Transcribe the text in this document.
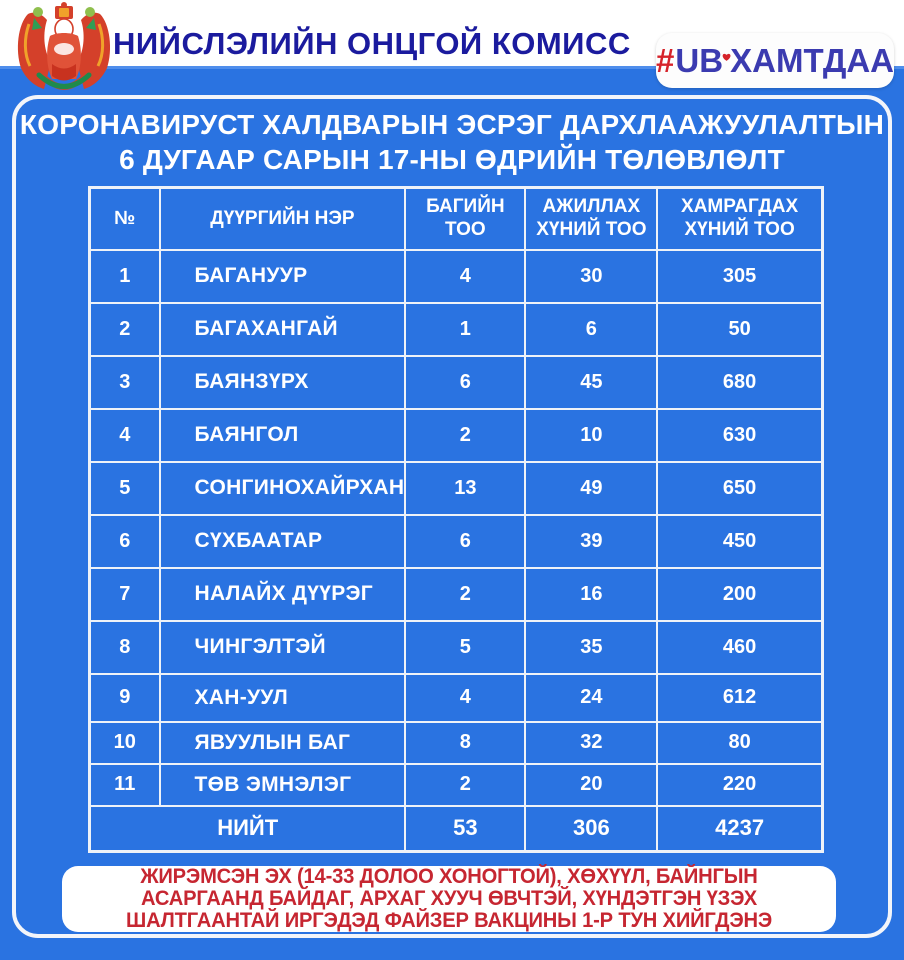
НИЙСЛЭЛИЙН ОНЦГОЙ КОМИСС # UB ХАМТДАА
КОРОНАВИРУСТ ХАЛДВАРЫН ЭСРЭГ ДАРХЛААЖУУЛАЛТЫН
6 ДУГААР САРЫН 17-НЫ ӨДРИЙН ТӨЛӨВЛӨЛТ
№	ДҮҮРГИЙН НЭР	БАГИЙН ТОО	АЖИЛЛАХ ХҮНИЙ ТОО	ХАМРАГДАХ ХҮНИЙ ТОО
1	БАГАНУУР	4	30	305
2	БАГАХАНГАЙ	1	6	50
3	БАЯНЗҮРХ	6	45	680
4	БАЯНГОЛ	2	10	630
5	СОНГИНОХАЙРХАН	13	49	650
6	СҮХБААТАР	6	39	450
7	НАЛАЙХ ДҮҮРЭГ	2	16	200
8	ЧИНГЭЛТЭЙ	5	35	460
9	ХАН-УУЛ	4	24	612
10	ЯВУУЛЫН БАГ	8	32	80
11	ТӨВ ЭМНЭЛЭГ	2	20	220
НИЙТ		53	306	4237
ЖИРЭМСЭН ЭХ (14-33 ДОЛОО ХОНОГТОЙ), ХӨХҮҮЛ, БАЙНГЫН
АСАРГААНД БАЙДАГ, АРХАГ ХУУЧ ӨВЧТЭЙ, ХҮНДЭТГЭН ҮЗЭХ
ШАЛТГААНТАЙ ИРГЭДЭД ФАЙЗЕР ВАКЦИНЫ 1-Р ТУН ХИЙГДЭНЭ
